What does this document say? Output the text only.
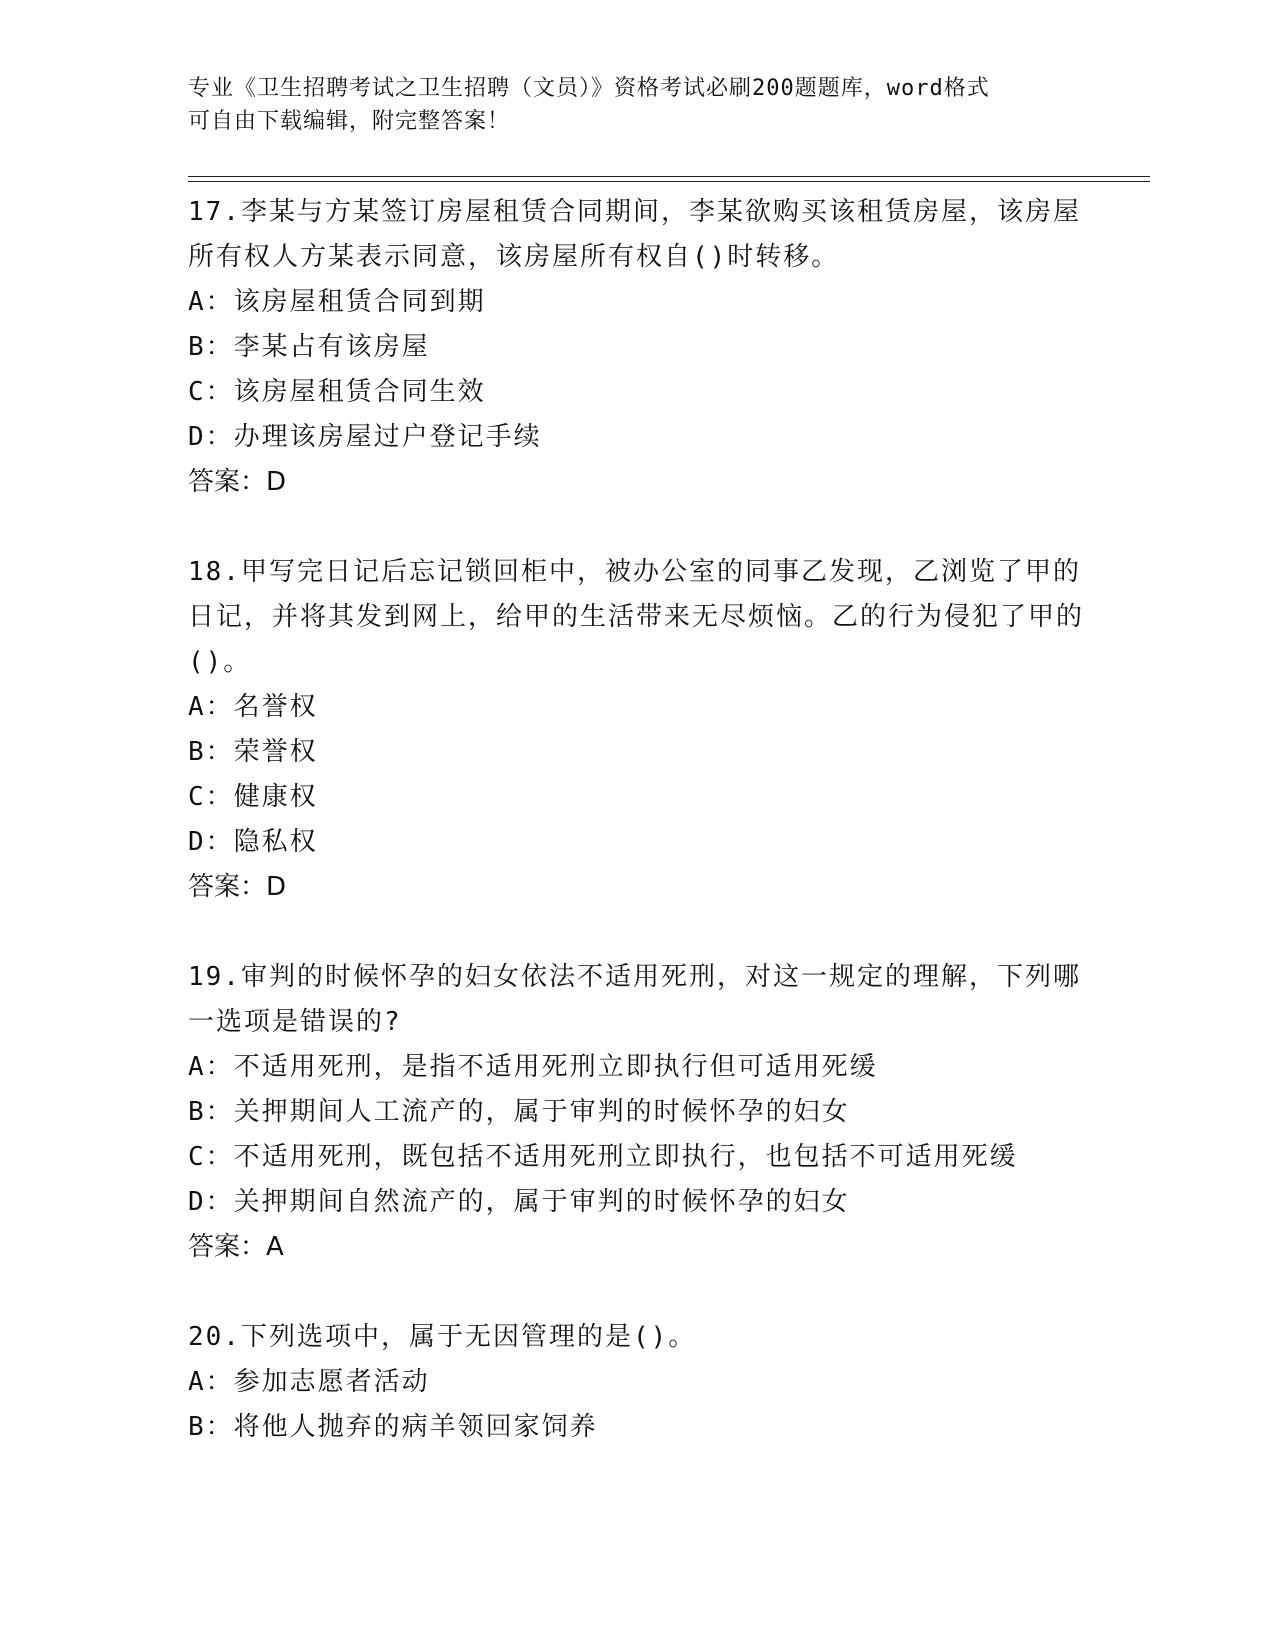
专业《卫生招聘考试之卫生招聘（文员）》资格考试必刷200题题库，word格式
可自由下载编辑，附完整答案！

17.李某与方某签订房屋租赁合同期间，李某欲购买该租赁房屋，该房屋所有权人方某表示同意，该房屋所有权自()时转移。

A：该房屋租赁合同到期

B：李某占有该房屋

C：该房屋租赁合同生效

D：办理该房屋过户登记手续

答案：D

18.甲写完日记后忘记锁回柜中，被办公室的同事乙发现，乙浏览了甲的日记，并将其发到网上，给甲的生活带来无尽烦恼。乙的行为侵犯了甲的()。

A：名誉权

B：荣誉权

C：健康权

D：隐私权

答案：D

19.审判的时候怀孕的妇女依法不适用死刑，对这一规定的理解，下列哪一选项是错误的?

A：不适用死刑，是指不适用死刑立即执行但可适用死缓

B：关押期间人工流产的，属于审判的时候怀孕的妇女

C：不适用死刑，既包括不适用死刑立即执行，也包括不可适用死缓

D：关押期间自然流产的，属于审判的时候怀孕的妇女

答案：A

20.下列选项中，属于无因管理的是()。

A：参加志愿者活动

B：将他人抛弃的病羊领回家饲养
